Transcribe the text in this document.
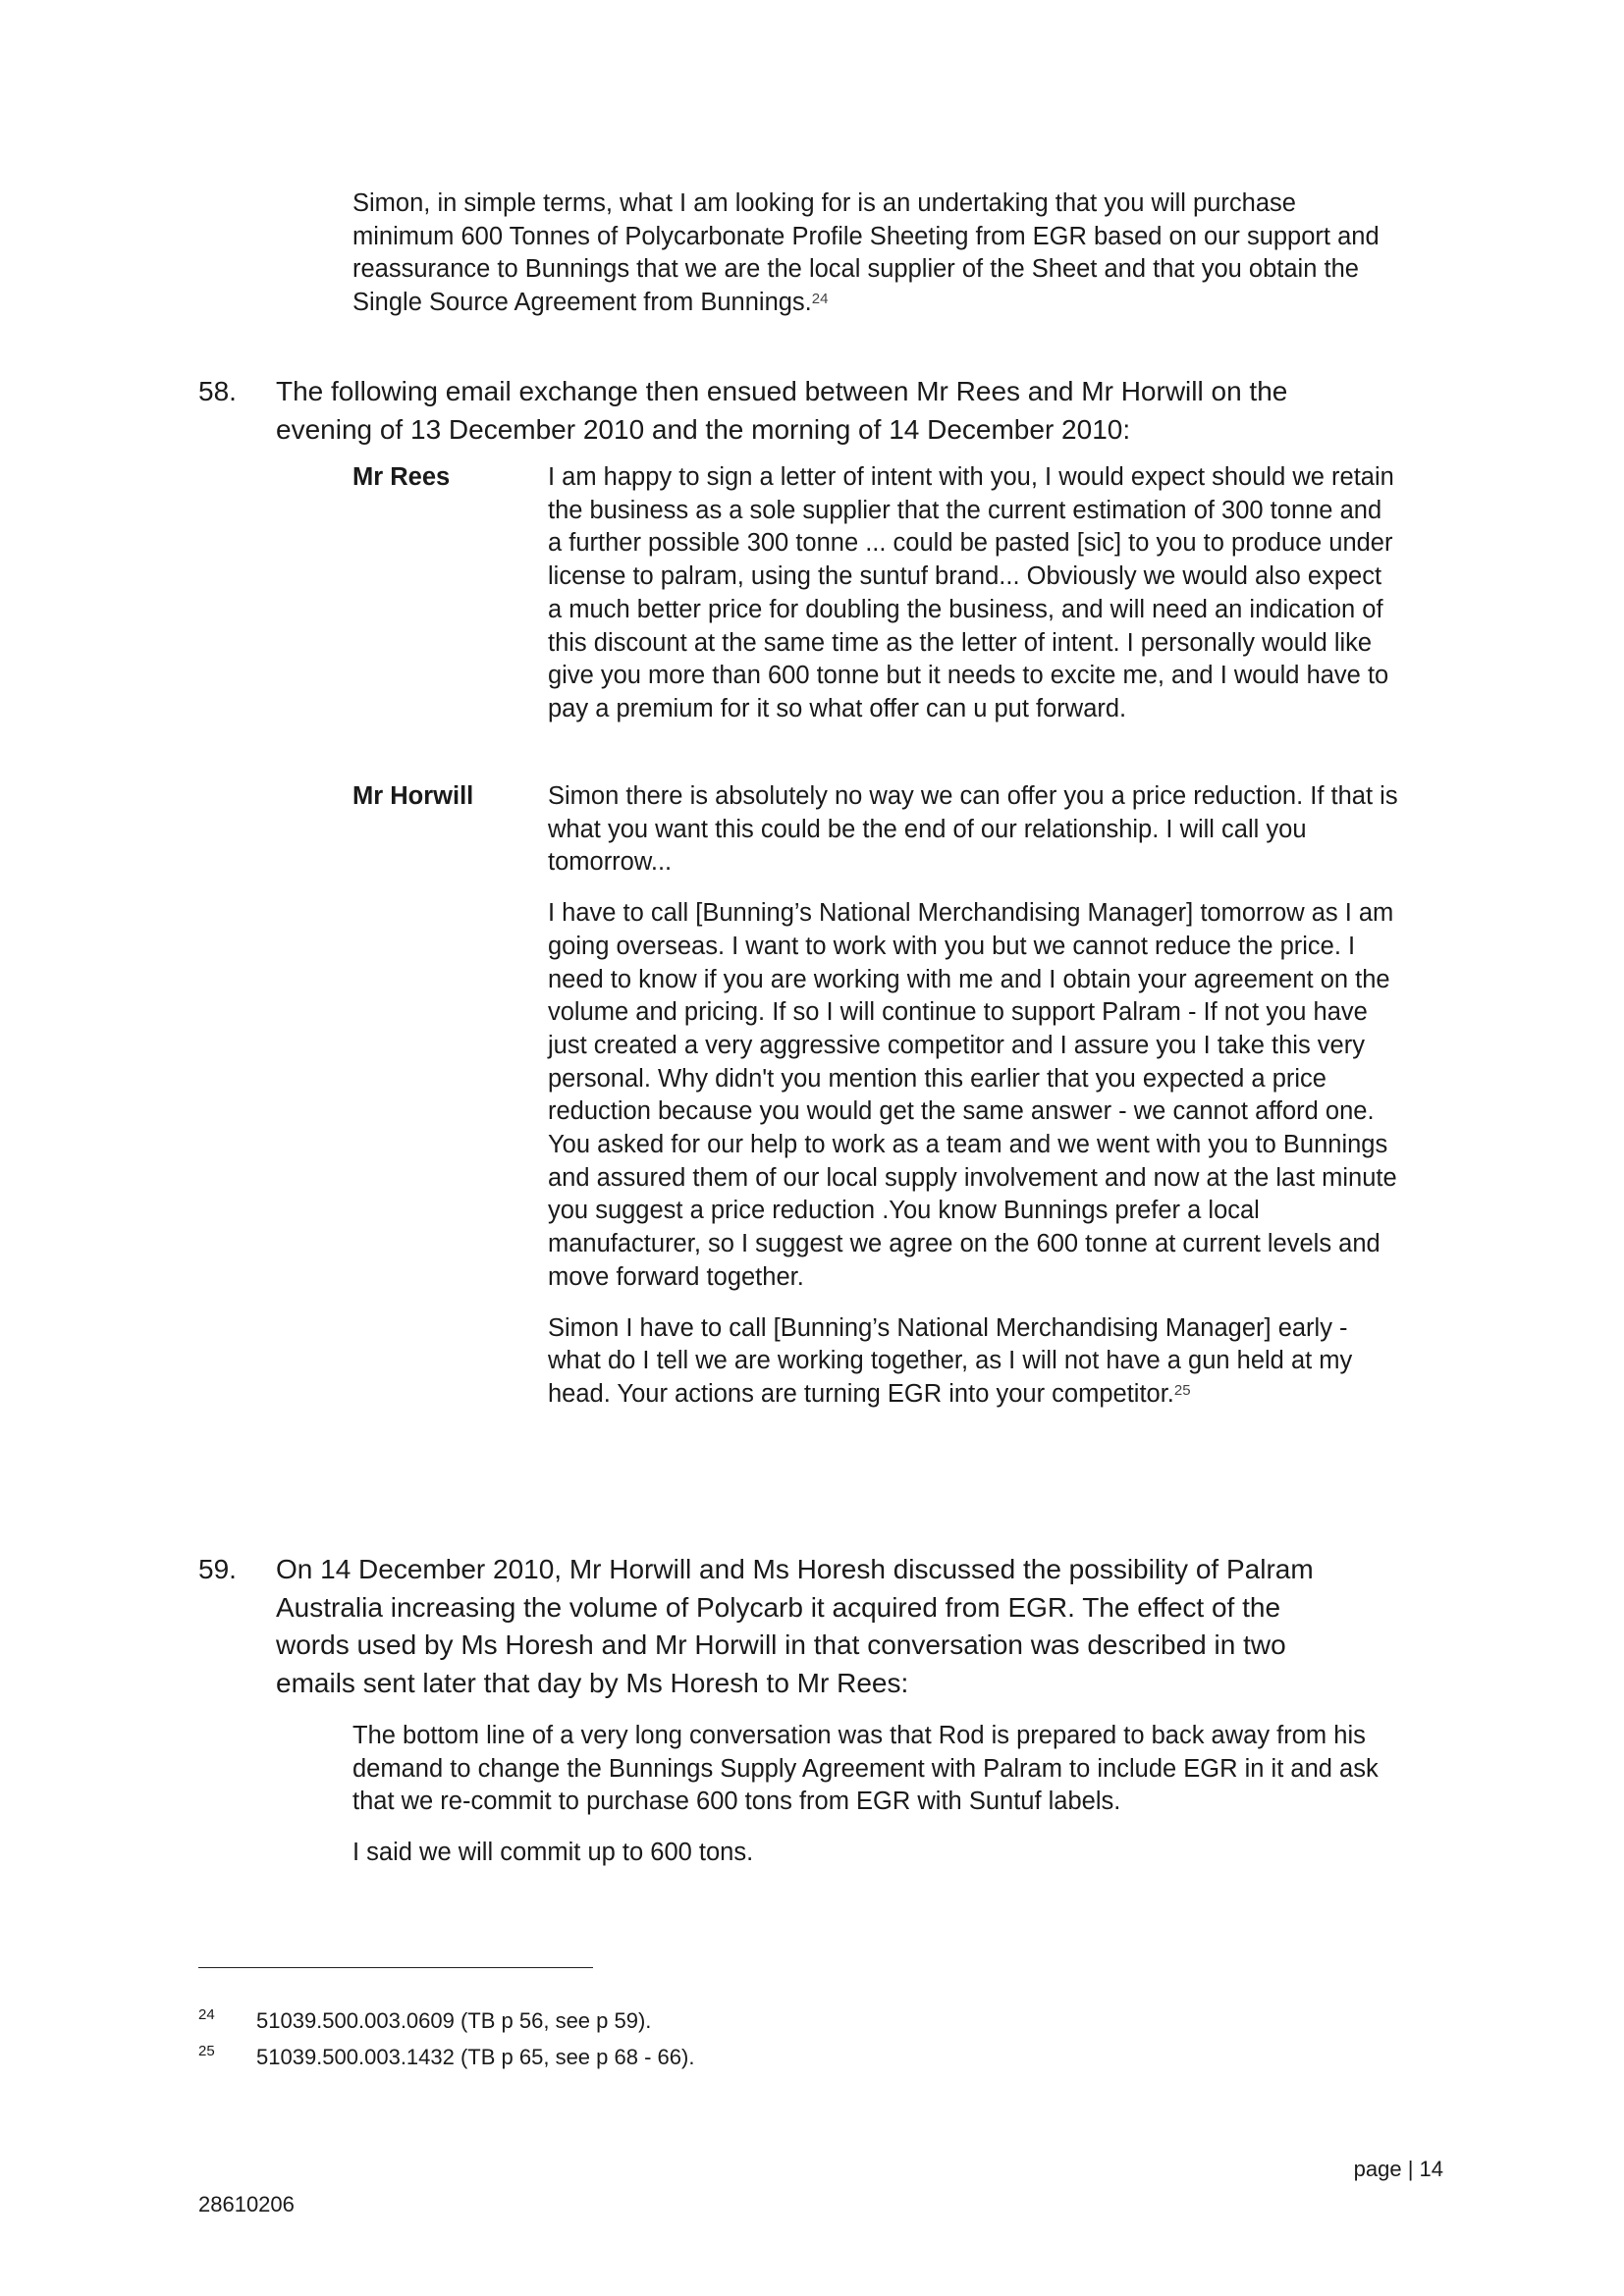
Simon, in simple terms, what I am looking for is an undertaking that you will purchase minimum 600 Tonnes of Polycarbonate Profile Sheeting from EGR based on our support and reassurance to Bunnings that we are the local supplier of the Sheet and that you obtain the Single Source Agreement from Bunnings.$^{24}$

58. The following email exchange then ensued between Mr Rees and Mr Horwill on the evening of 13 December 2010 and the morning of 14 December 2010:
Mr Rees	I am happy to sign a letter of intent with you, I would expect should we retain the business as a sole supplier that the current estimation of 300 tonne and a further possible 300 tonne ... could be pasted [sic] to you to produce under license to palram, using the suntuf brand... Obviously we would also expect a much better price for doubling the business, and will need an indication of this discount at the same time as the letter of intent. I personally would like give you more than 600 tonne but it needs to excite me, and I would have to pay a premium for it so what offer can u put forward.

Mr Horwill	Simon there is absolutely no way we can offer you a price reduction. If that is what you want this could be the end of our relationship. I will call you tomorrow...

I have to call [Bunning’s National Merchandising Manager] tomorrow as I am going overseas. I want to work with you but we cannot reduce the price. I need to know if you are working with me and I obtain your agreement on the volume and pricing. If so I will continue to support Palram - If not you have just created a very aggressive competitor and I assure you I take this very personal. Why didn't you mention this earlier that you expected a price reduction because you would get the same answer - we cannot afford one. You asked for our help to work as a team and we went with you to Bunnings and assured them of our local supply involvement and now at the last minute you suggest a price reduction .You know Bunnings prefer a local manufacturer, so I suggest we agree on the 600 tonne at current levels and move forward together.

Simon I have to call [Bunning’s National Merchandising Manager] early - what do I tell we are working together, as I will not have a gun held at my head. Your actions are turning EGR into your competitor.$^{25}$

59. On 14 December 2010, Mr Horwill and Ms Horesh discussed the possibility of Palram Australia increasing the volume of Polycarb it acquired from EGR. The effect of the words used by Ms Horesh and Mr Horwill in that conversation was described in two emails sent later that day by Ms Horesh to Mr Rees:

The bottom line of a very long conversation was that Rod is prepared to back away from his demand to change the Bunnings Supply Agreement with Palram to include EGR in it and ask that we re-commit to purchase 600 tons from EGR with Suntuf labels.

I said we will commit up to 600 tons.

24 51039.500.003.0609 (TB p 56, see p 59).
25 51039.500.003.1432 (TB p 65, see p 68 - 66).
page | 14
28610206
